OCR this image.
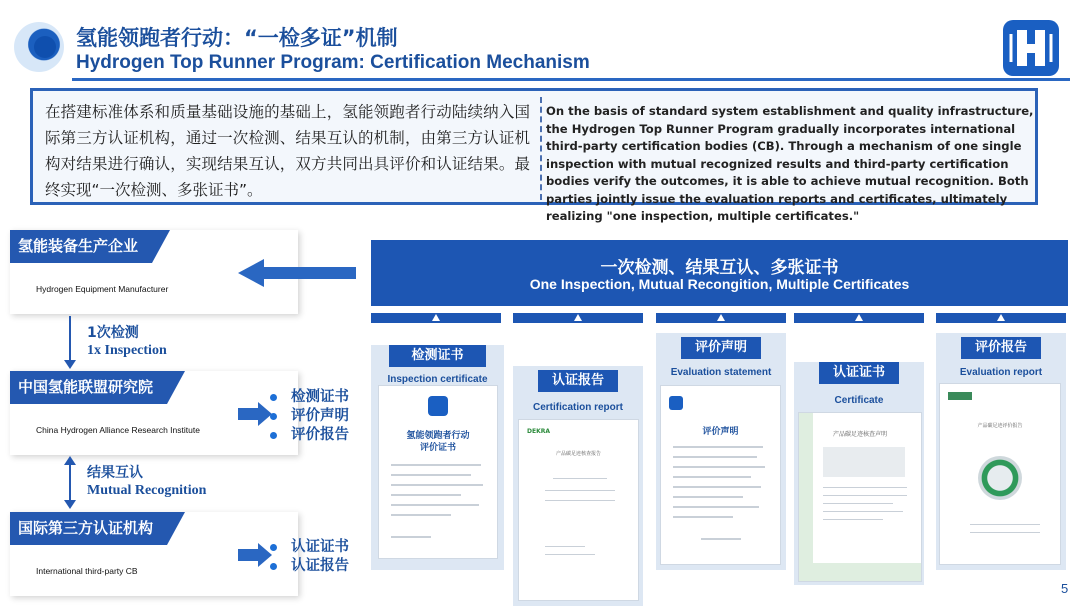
氢能领跑者行动：“一检多证”机制
Hydrogen Top Runner Program: Certification Mechanism
在搭建标准体系和质量基础设施的基础上，氢能领跑者行动陆续纳入国际第三方认证机构，通过一次检测、结果互认的机制，由第三方认证机构对结果进行确认，实现结果互认，双方共同出具评价和认证结果。最终实现“一次检测、多张证书”。
On the basis of standard system establishment and quality infrastructure, the Hydrogen Top Runner Program gradually incorporates international third-party certification bodies (CB). Through a mechanism of one single inspection with mutual recognized results and third-party certification bodies verify the outcomes, it is able to achieve mutual recognition. Both parties jointly issue the evaluation reports and certificates, ultimately realizing "one inspection, multiple certificates."
氢能装备生产企业
Hydrogen Equipment Manufacturer
1次检测
1x Inspection
中国氢能联盟研究院
China Hydrogen Alliance Research Institute
检测证书
评价声明
评价报告
结果互认
Mutual Recognition
国际第三方认证机构
International third-party CB
认证证书
认证报告
一次检测、结果互认、多张证书
One Inspection, Mutual Recongition, Multiple Certificates
检测证书
Inspection certificate
氢能领跑者行动
评价证书
认证报告
Certification report
DEKRA
产品碳足迹核查报告
评价声明
Evaluation statement
评价声明
认证证书
Certificate
产品碳足迹核查声明
评价报告
Evaluation report
产品碳足迹评价报告
5
